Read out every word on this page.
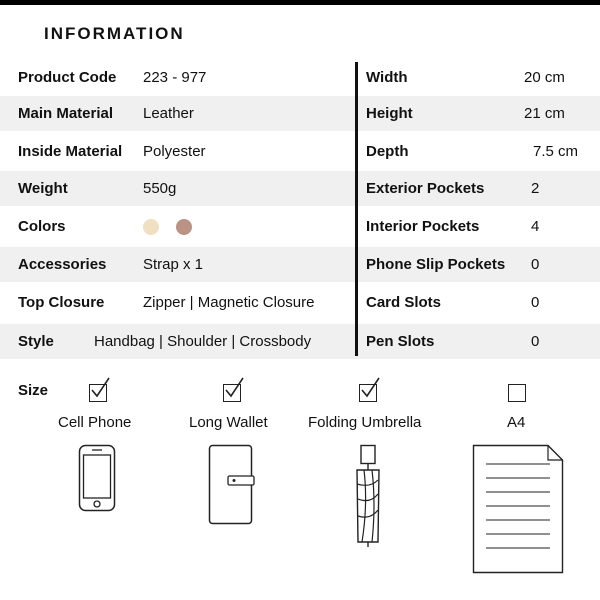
INFORMATION
Product Code 223 - 977	Width	20 cm
Main Material Leather	Height	21 cm
Inside Material Polyester	Depth	7.5 cm
Weight	550g	Exterior Pockets	2
Colors	Interior Pockets	4
Accessories Strap x 1	Phone Slip Pockets 0
Top Closure	Zipper | Magnetic Closure	Card Slots	0
Style	Handbag | Shoulder | Crossbody	Pen Slots	0
Size
Cell Phone	Long Wallet	Folding Umbrella	A4
